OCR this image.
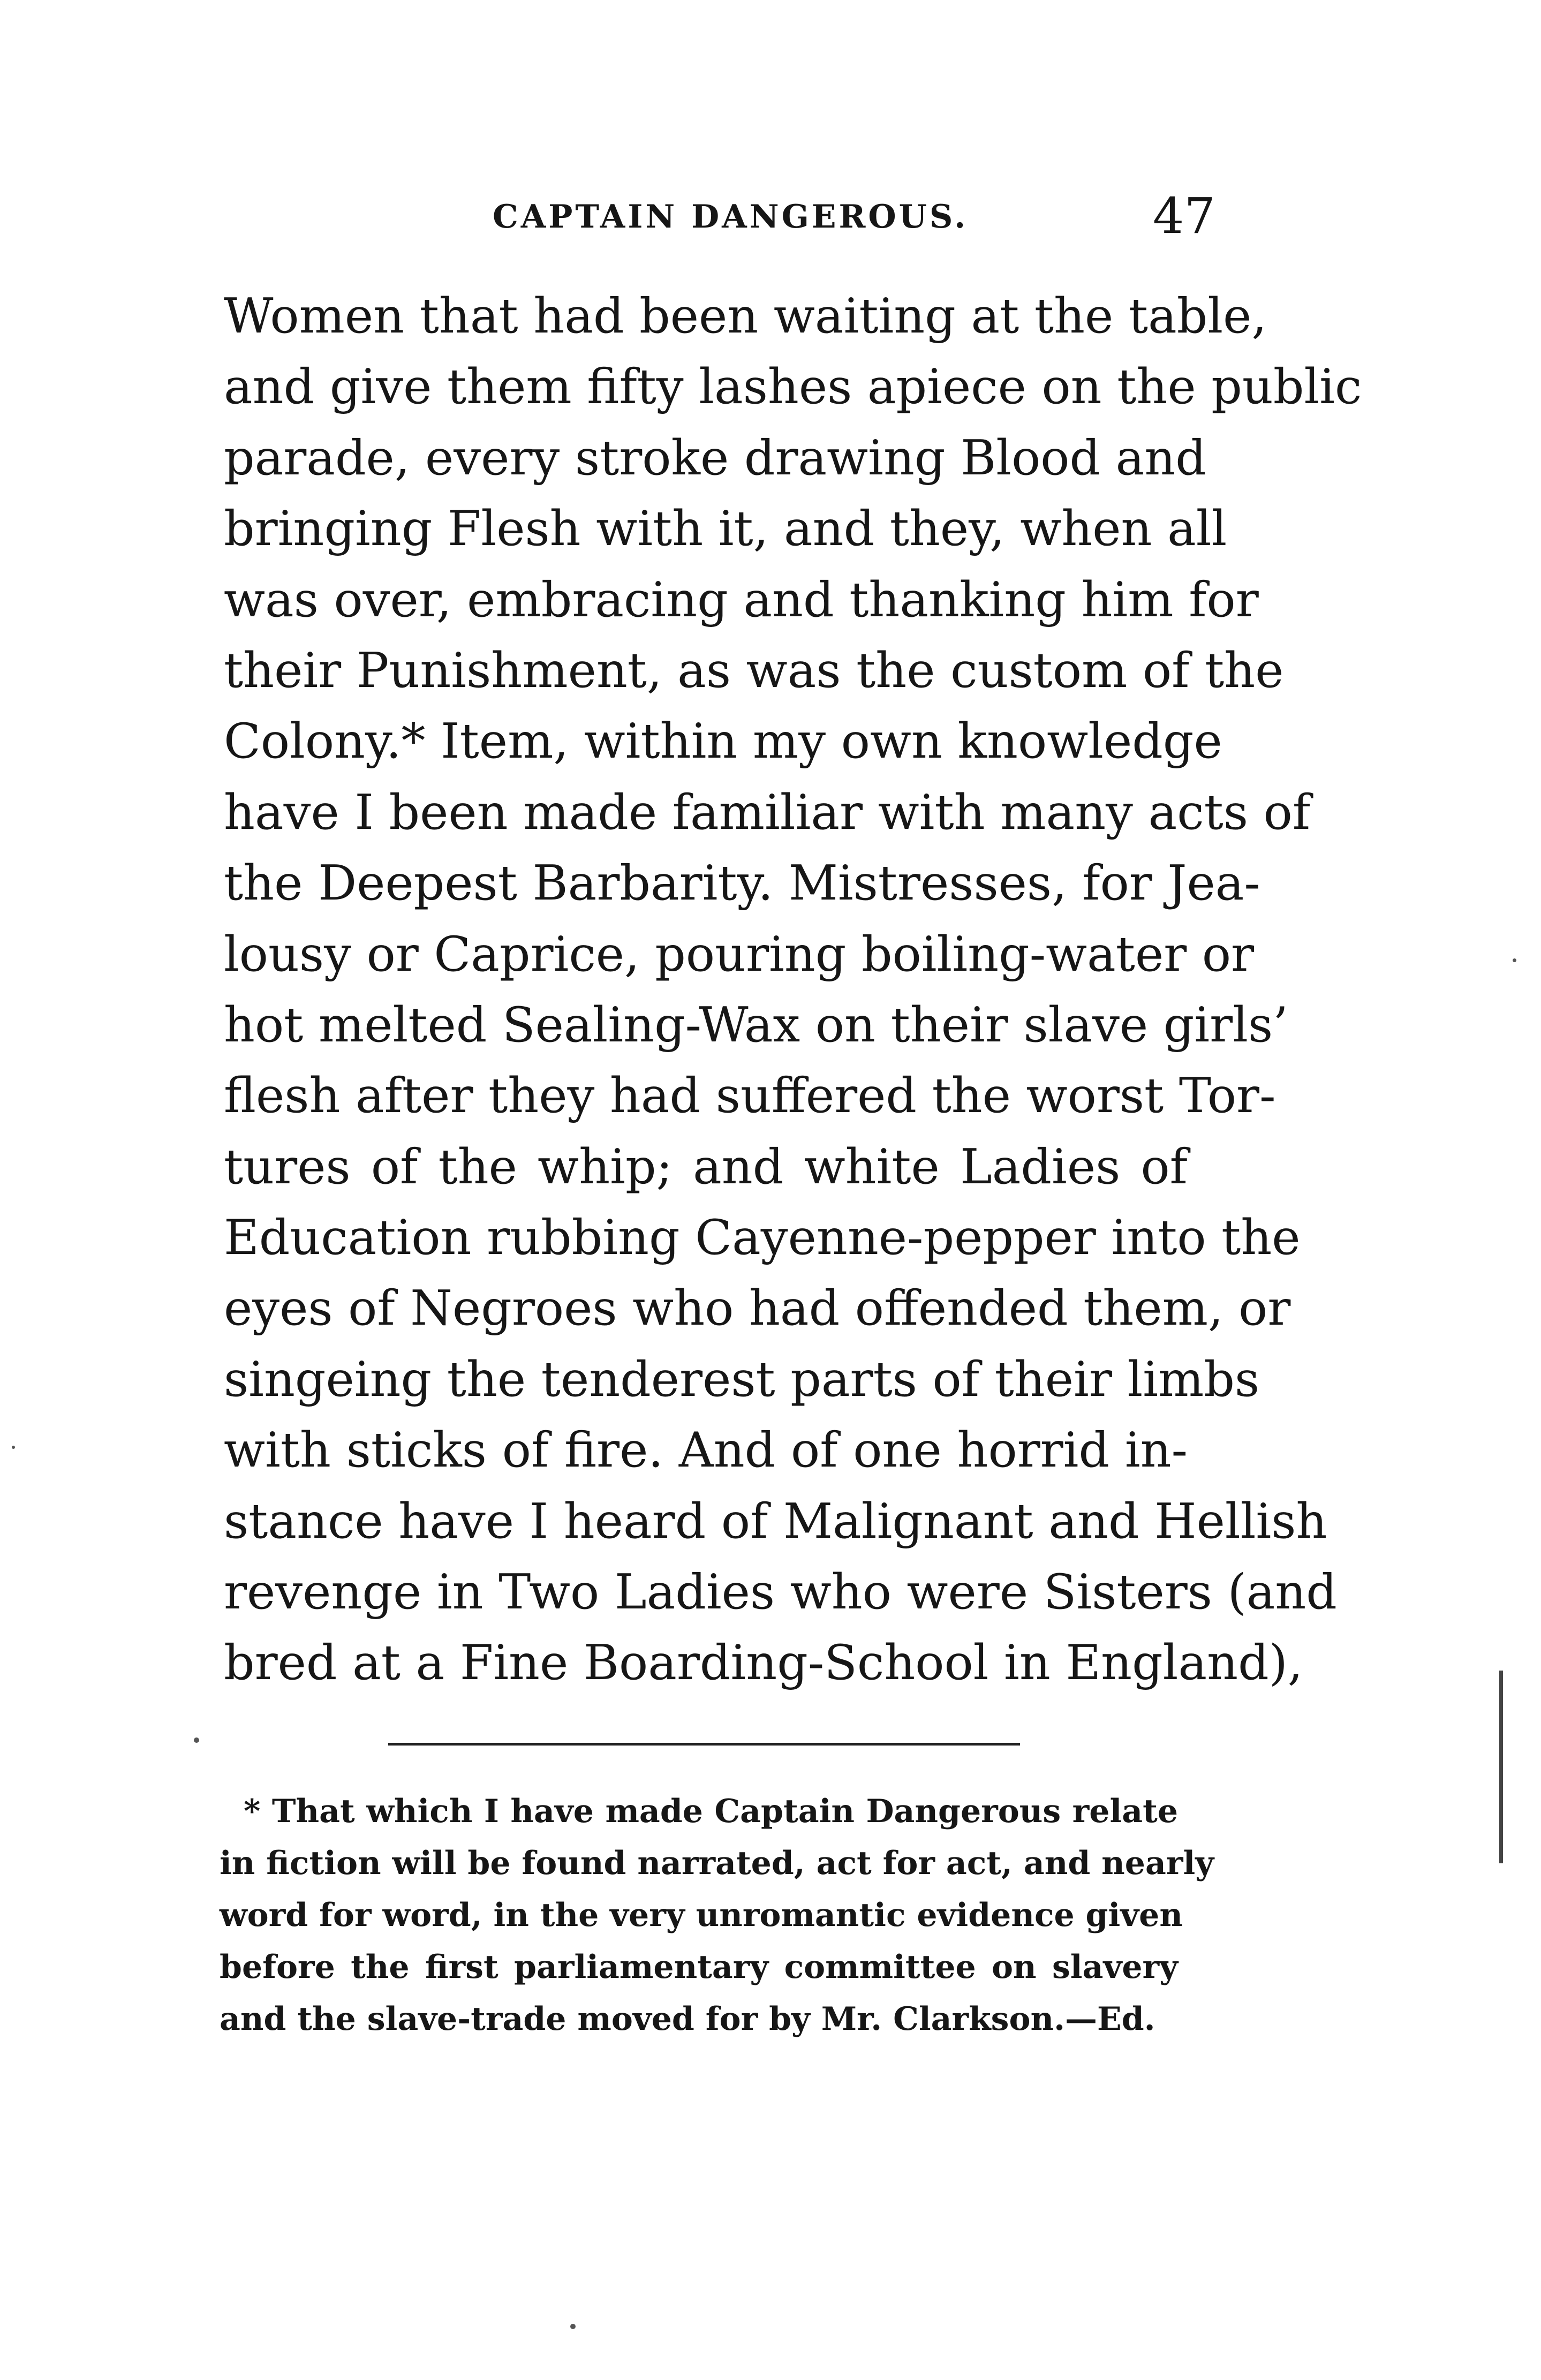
CAPTAIN DANGEROUS.	47
Women that had been waiting at the table,
and give them fifty lashes apiece on the public
parade, every stroke drawing Blood and
bringing Flesh with it, and they, when all
was over, embracing and thanking him for
their Punishment, as was the custom of the
Colony.* Item, within my own knowledge
have I been made familiar with many acts of
the Deepest Barbarity. Mistresses, for Jea-
lousy or Caprice, pouring boiling-water or
hot melted Sealing-Wax on their slave girls’
flesh after they had suffered the worst Tor-
tures of the whip; and white Ladies of
Education rubbing Cayenne-pepper into the
eyes of Negroes who had offended them, or
singeing the tenderest parts of their limbs
with sticks of fire. And of one horrid in-
stance have I heard of Malignant and Hellish
revenge in Two Ladies who were Sisters (and
bred at a Fine Boarding-School in England),
* That which I have made Captain Dangerous relate
in fiction will be found narrated, act for act, and nearly
word for word, in the very unromantic evidence given
before the first parliamentary committee on slavery
and the slave-trade moved for by Mr. Clarkson.—Ed.
